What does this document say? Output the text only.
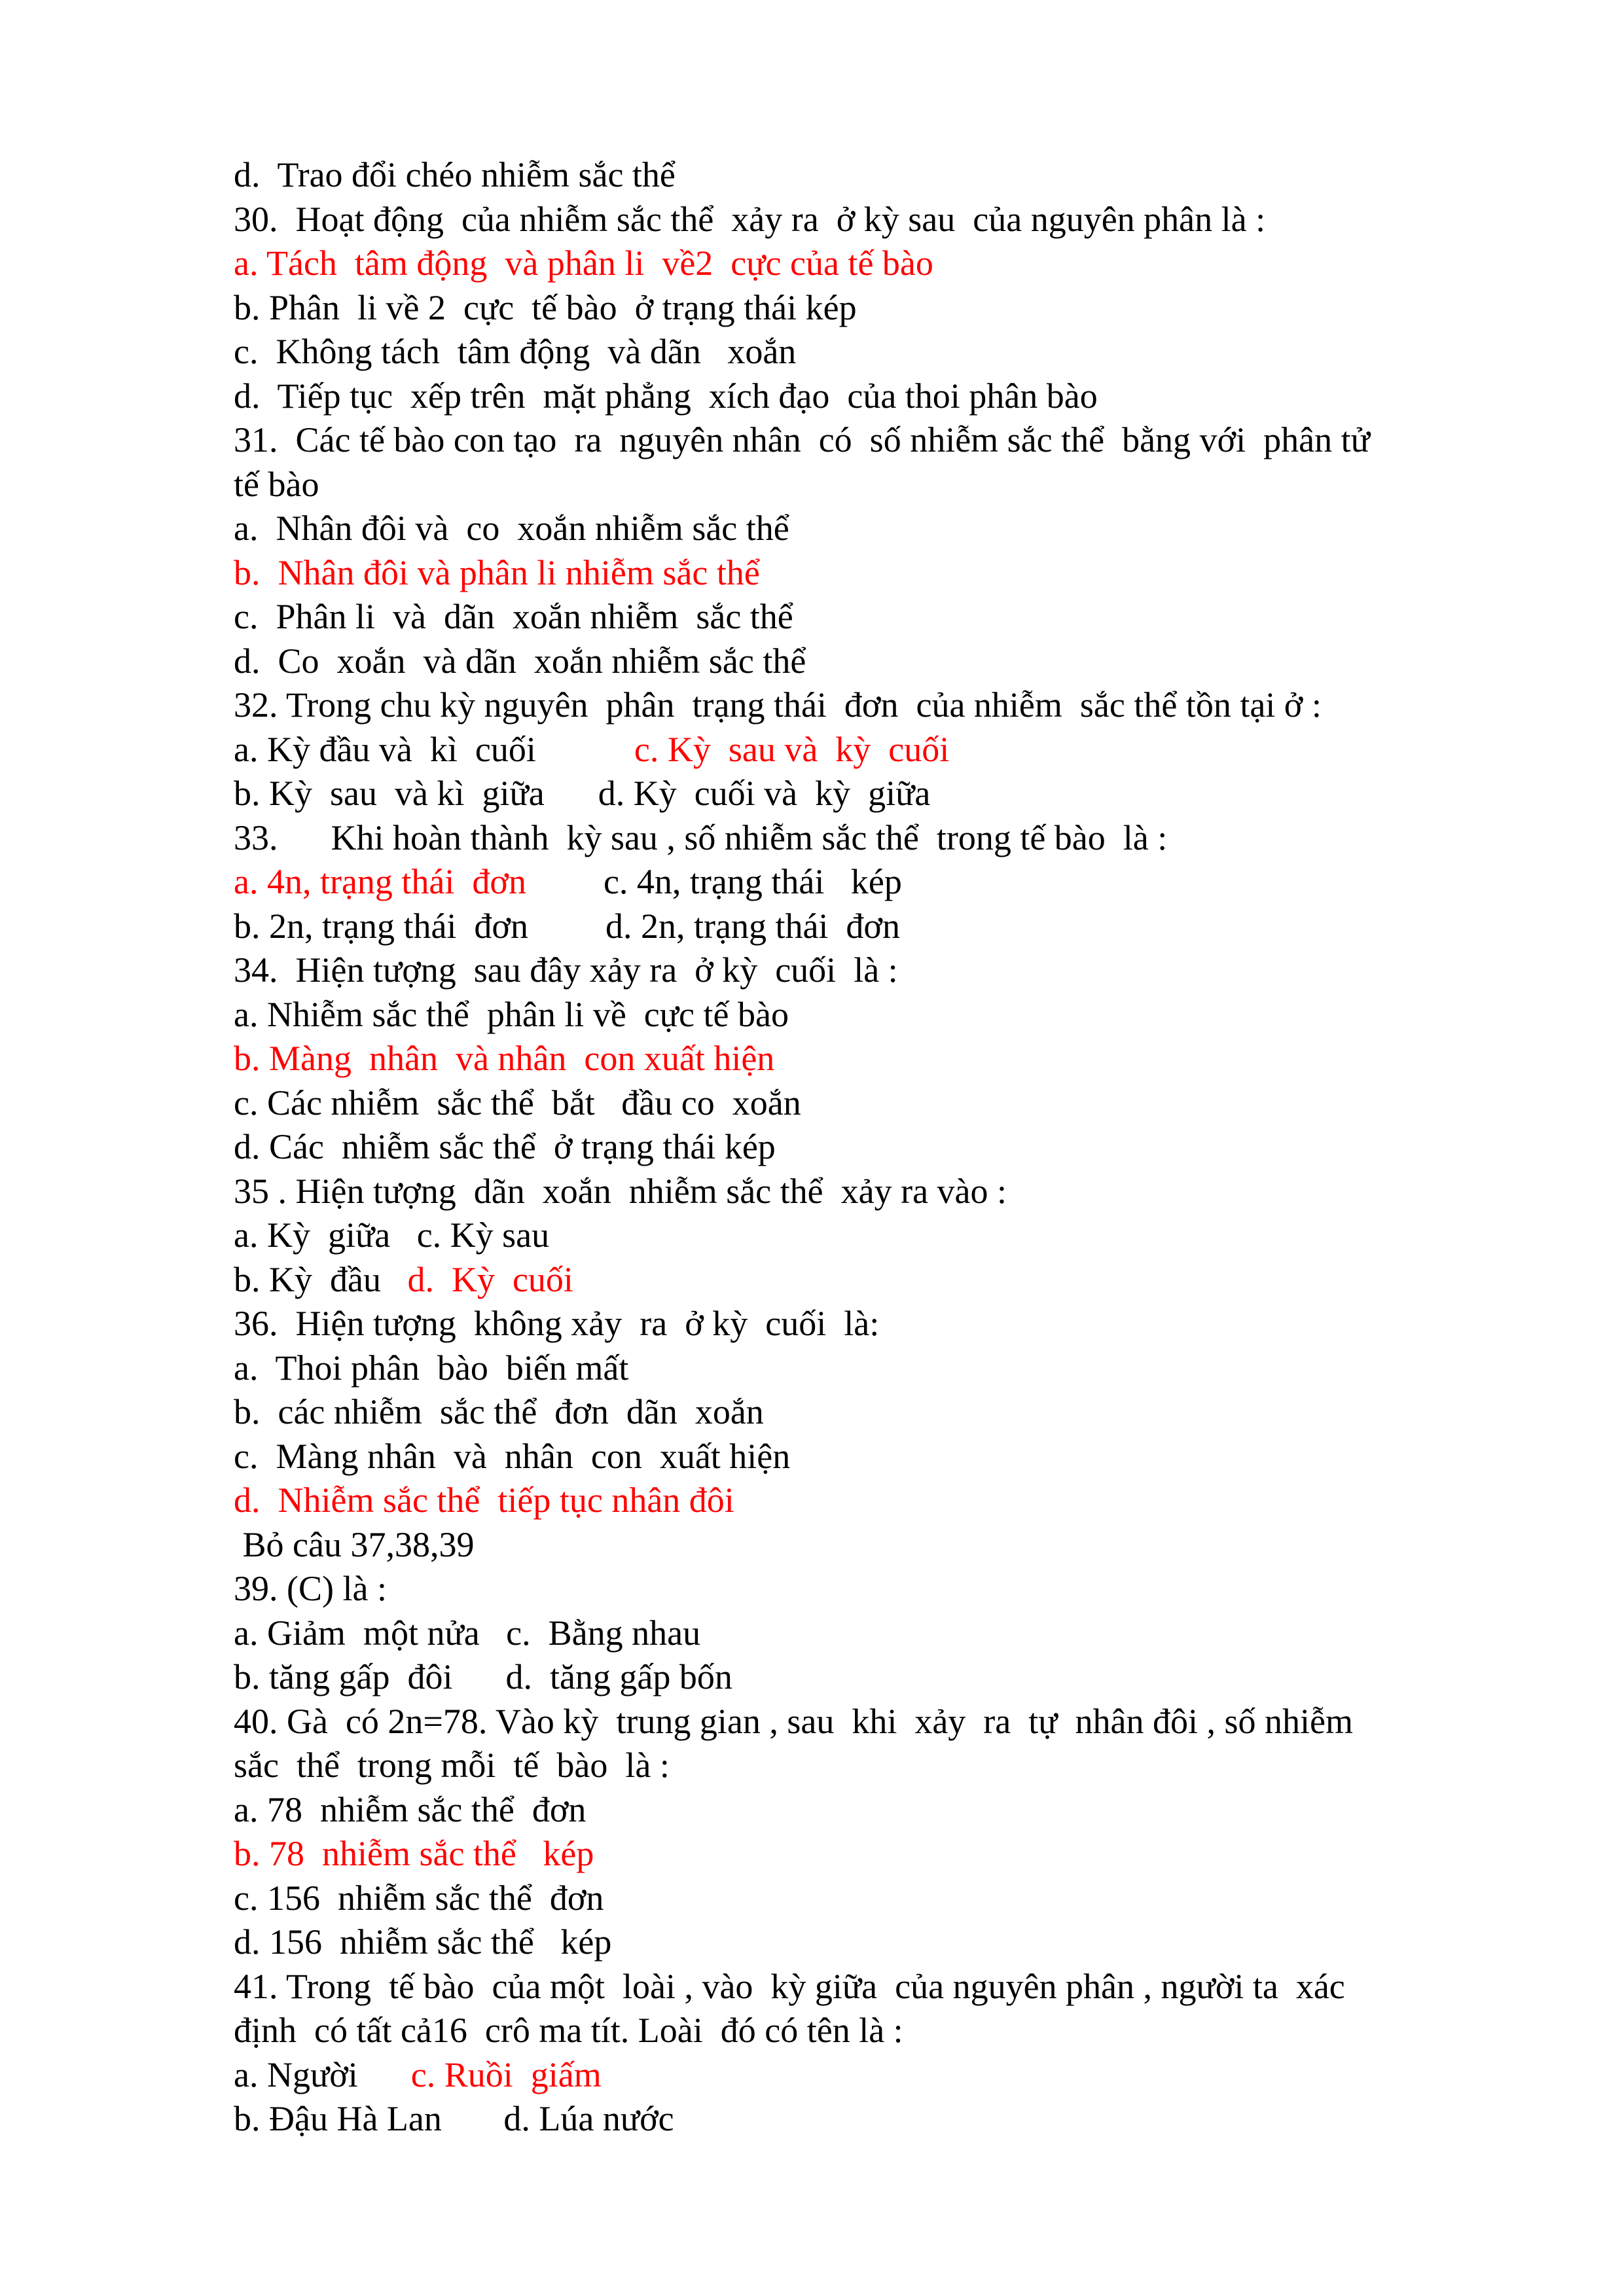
d.  Trao đổi chéo nhiễm sắc thể

30.  Hoạt động  của nhiễm sắc thể  xảy ra  ở kỳ sau  của nguyên phân là :

a. Tách  tâm động  và phân li  về2  cực của tế bào

b. Phân  li về 2  cực  tế bào  ở trạng thái kép

c.  Không tách  tâm động  và dãn   xoắn

d.  Tiếp tục  xếp trên  mặt phẳng  xích đạo  của thoi phân bào

31.  Các tế bào con tạo  ra  nguyên nhân  có  số nhiễm sắc thể  bằng với  phân tử

tế bào

a.  Nhân đôi và  co  xoắn nhiễm sắc thể

b.  Nhân đôi và phân li nhiễm sắc thể

c.  Phân li  và  dãn  xoắn nhiễm  sắc thể

d.  Co  xoắn  và dãn  xoắn nhiễm sắc thể

32. Trong chu kỳ nguyên  phân  trạng thái  đơn  của nhiễm  sắc thể tồn tại ở :

a. Kỳ đầu và  kì  cuối	c. Kỳ  sau và  kỳ  cuối

b. Kỳ  sau  và kì  giữa d. Kỳ  cuối và  kỳ  giữa

33.      Khi hoàn thành  kỳ sau , số nhiễm sắc thể  trong tế bào  là :

a. 4n, trạng thái  đơn c. 4n, trạng thái   kép

b. 2n, trạng thái  đơn d. 2n, trạng thái  đơn

34.  Hiện tượng  sau đây xảy ra  ở kỳ  cuối  là :

a. Nhiễm sắc thể  phân li về  cực tế bào

b. Màng  nhân  và nhân  con xuất hiện

c. Các nhiễm  sắc thể  bắt   đầu co  xoắn

d. Các  nhiễm sắc thể  ở trạng thái kép

35 . Hiện tượng  dãn  xoắn  nhiễm sắc thể  xảy ra vào :

a. Kỳ  giữa   c. Kỳ sau

b. Kỳ  đầu   d.  Kỳ  cuối

36.  Hiện tượng  không xảy  ra  ở kỳ  cuối  là:

a.  Thoi phân  bào  biến mất

b.  các nhiễm  sắc thể  đơn  dãn  xoắn

c.  Màng nhân  và  nhân  con  xuất hiện

d.  Nhiễm sắc thể  tiếp tục nhân đôi

Bỏ câu 37,38,39

39. (C) là :

a. Giảm  một nửa   c.  Bằng nhau

b. tăng gấp  đôi      d.  tăng gấp bốn

40. Gà  có 2n=78. Vào kỳ  trung gian , sau  khi  xảy  ra  tự  nhân đôi , số nhiễm

sắc  thể  trong mỗi  tế  bào  là :

a. 78  nhiễm sắc thể  đơn

b. 78  nhiễm sắc thể   kép

c. 156  nhiễm sắc thể  đơn

d. 156  nhiễm sắc thể   kép

41. Trong  tế bào  của một  loài , vào  kỳ giữa  của nguyên phân , người ta  xác

định  có tất cả16  crô ma tít. Loài  đó có tên là :

a. Người      c. Ruồi  giấm

b. Đậu Hà Lan       d. Lúa nước
